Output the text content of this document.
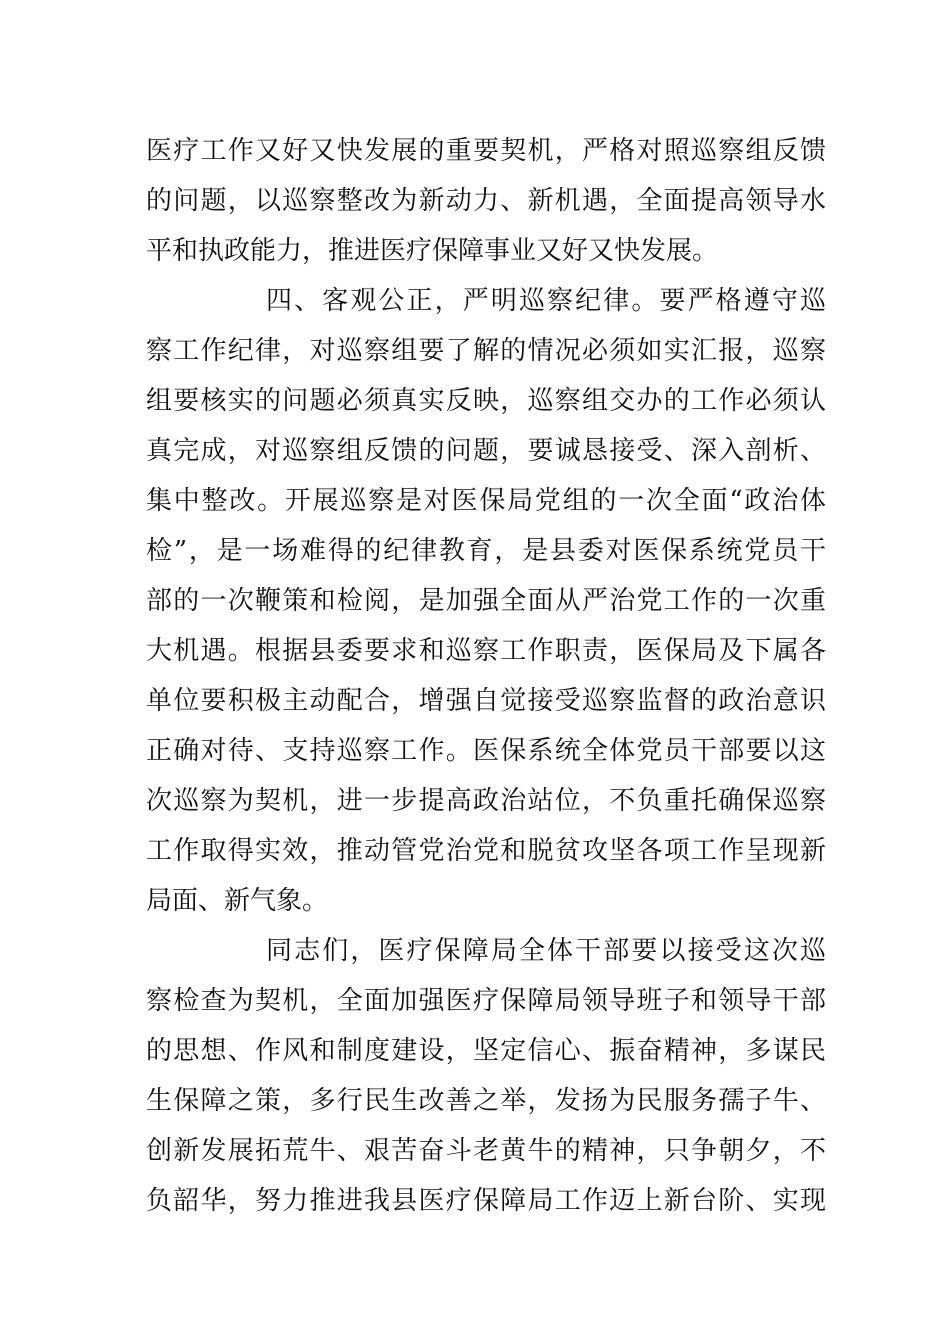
医疗工作又好又快发展的重要契机，严格对照巡察组反馈
的问题，以巡察整改为新动力、新机遇，全面提高领导水
平和执政能力，推进医疗保障事业又好又快发展。
四、客观公正，严明巡察纪律。要严格遵守巡
察工作纪律，对巡察组要了解的情况必须如实汇报，巡察
组要核实的问题必须真实反映，巡察组交办的工作必须认
真完成，对巡察组反馈的问题，要诚恳接受、深入剖析、
集中整改。开展巡察是对医保局党组的一次全面“政治体
检”，是一场难得的纪律教育，是县委对医保系统党员干
部的一次鞭策和检阅，是加强全面从严治党工作的一次重
大机遇。根据县委要求和巡察工作职责，医保局及下属各
单位要积极主动配合，增强自觉接受巡察监督的政治意识
正确对待、支持巡察工作。医保系统全体党员干部要以这
次巡察为契机，进一步提高政治站位，不负重托确保巡察
工作取得实效，推动管党治党和脱贫攻坚各项工作呈现新
局面、新气象。
同志们，医疗保障局全体干部要以接受这次巡
察检查为契机，全面加强医疗保障局领导班子和领导干部
的思想、作风和制度建设，坚定信心、振奋精神，多谋民
生保障之策，多行民生改善之举，发扬为民服务孺子牛、
创新发展拓荒牛、艰苦奋斗老黄牛的精神，只争朝夕，不
负韶华，努力推进我县医疗保障局工作迈上新台阶、实现
